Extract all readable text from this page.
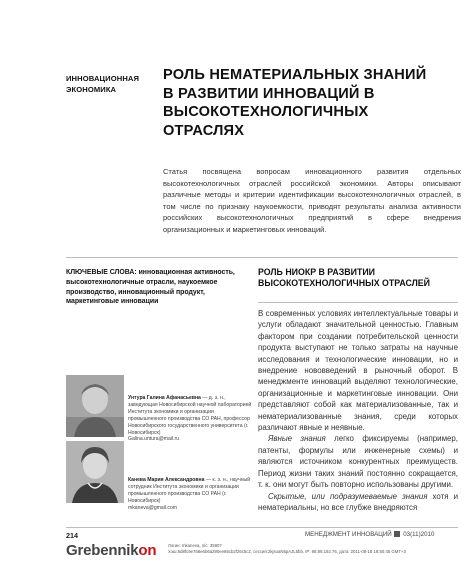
ИННОВАЦИОННАЯ ЭКОНОМИКА
РОЛЬ НЕМАТЕРИАЛЬНЫХ ЗНАНИЙ В РАЗВИТИИ ИННОВАЦИЙ В ВЫСОКОТЕХНОЛОГИЧНЫХ ОТРАСЛЯХ
Статья посвящена вопросам инновационного развития отдельных высокотехнологичных отраслей российской экономики. Авторы описывают различные методы и критерии идентификации высокотехнологичных отраслей, в том числе по признаку наукоемкости, приводят результаты анализа активности российских высокотехнологичных предприятий в сфере внедрения организационных и маркетинговых инноваций.
КЛЮЧЕВЫЕ СЛОВА: инновационная активность, высокотехнологичные отрасли, наукоемкое производство, инновационный продукт, маркетинговые инновации
РОЛЬ НИОКР В РАЗВИТИИ ВЫСОКОТЕХНОЛОГИЧНЫХ ОТРАСЛЕЙ

В современных условиях интеллектуальные товары и услуги обладают значительной ценностью. Главным фактором при создании потребительской ценности продукта выступают не только затраты на научные исследования и технологические инновации, но и внедрение нововведений в рыночный оборот. В менеджменте инноваций выделяют технологические, организационные и маркетинговые инновации. Они представляют собой как материализованные, так и нематериализованные знания, среди которых различают явные и неявные.

Явные знания легко фиксируемы (например, патенты, формулы или инженерные схемы) и являются источником конкурентных преимуществ. Период жизни таких знаний постоянно сокращается, т. к. они могут быть повторно использованы другими.

Скрытые, или подразумеваемые знания хотя и нематериальны, но все глубже внедряются

Унтура Галина Афанасьевна — д. э. н., заведующая Новосибирской научной лабораторией Института экономики и организации промышленного производства СО РАН, профессор Новосибирского государственного университета (г. Новосибирск)
Galina.untura@mail.ru
Канева Мария Александровна — к. э. н., научный сотрудник Института экономики и организации промышленного производства СО РАН (г. Новосибирск)
mkaneva@gmail.com
214	МЕНЕДЖМЕНТ ИННОВАЦИЙ 03(11)2010
Grebennikon	Логин: mkaneva, п/с: 35907
Хэш:6d8fc9e758e6b6a290ee86cb2f26c5c2, сессия:2kjsoaN5pAJL5bb, IP: 88.89.192.76, дата: 2011-08-18 18:50:45 GMT+3
